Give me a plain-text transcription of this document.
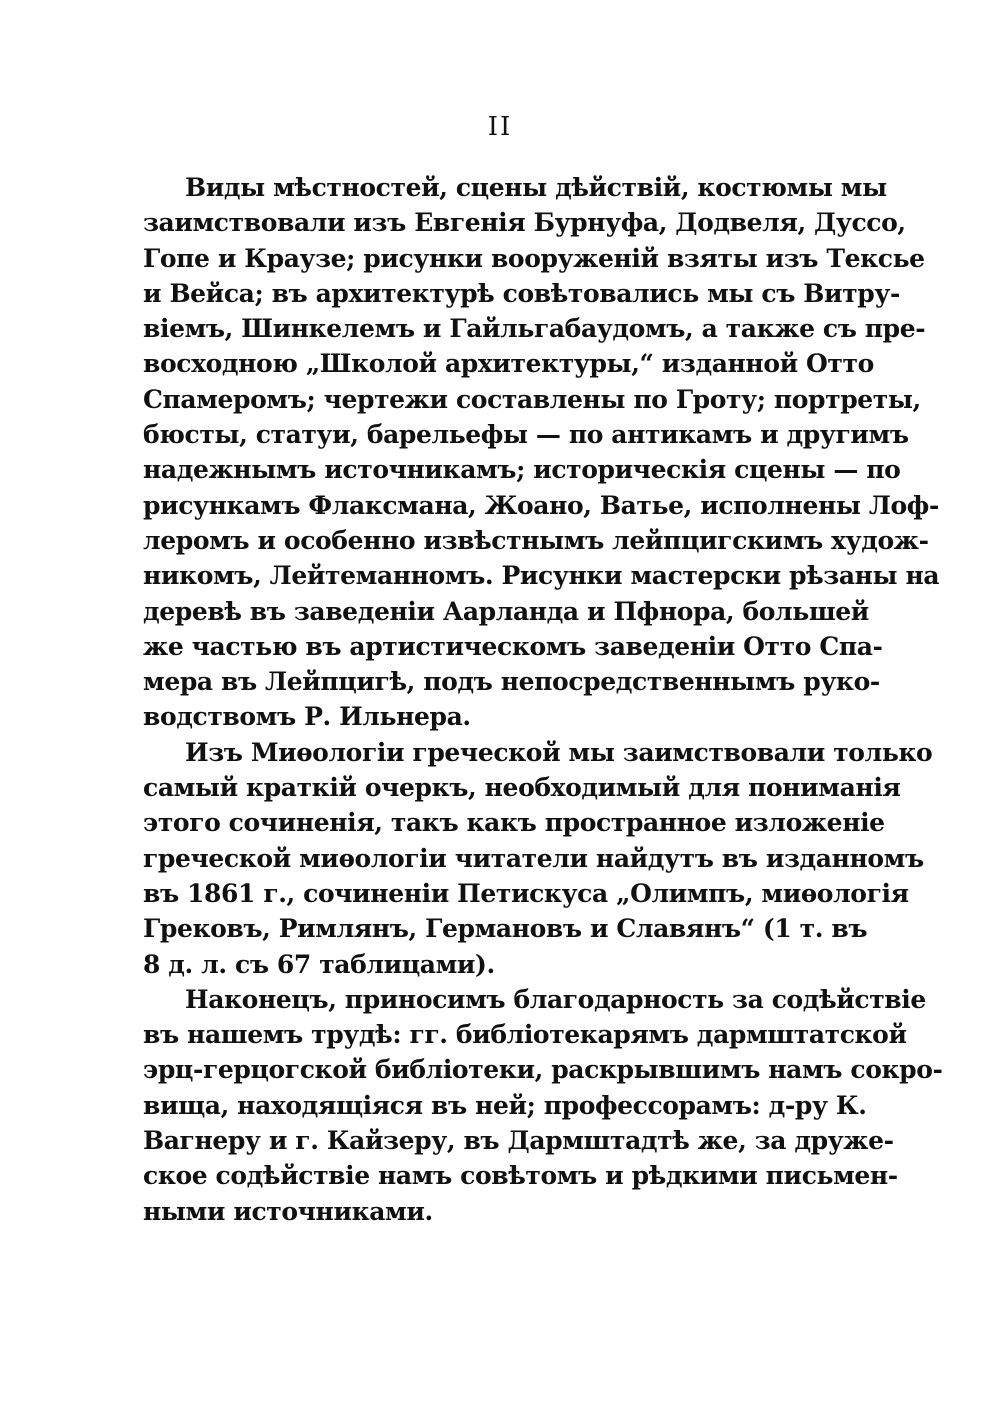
II
Виды мѣстностей, сцены дѣйствій, костюмы мы
заимствовали изъ Евгенія Бурнуфа, Додвеля, Дуссо,
Гопе и Краузе; рисунки вооруженій взяты изъ Тексье
и Вейса; въ архитектурѣ совѣтовались мы съ Витру-
віемъ, Шинкелемъ и Гайльгабаудомъ, а также съ пре-
восходною „Школой архитектуры,“ изданной Отто
Спамеромъ; чертежи составлены по Гроту; портреты,
бюсты, статуи, барельефы — по антикамъ и другимъ
надежнымъ источникамъ; историческія сцены — по
рисункамъ Флаксмана, Жоано, Ватье, исполнены Лоф-
леромъ и особенно извѣстнымъ лейпцигскимъ худож-
никомъ, Лейтеманномъ. Рисунки мастерски рѣзаны на
деревѣ въ заведеніи Аарланда и Пфнора, большей
же частью въ артистическомъ заведеніи Отто Спа-
мера въ Лейпцигѣ, подъ непосредственнымъ руко-
водствомъ Р. Ильнера.
Изъ Миѳологіи греческой мы заимствовали только
самый краткій очеркъ, необходимый для пониманія
этого сочиненія, такъ какъ пространное изложеніе
греческой миѳологіи читатели найдутъ въ изданномъ
въ 1861 г., сочиненіи Петискуса „Олимпъ, миѳологія
Грековъ, Римлянъ, Германовъ и Славянъ“ (1 т. въ
8 д. л. съ 67 таблицами).
Наконецъ, приносимъ благодарность за содѣйствіе
въ нашемъ трудѣ: гг. библіотекарямъ дармштатской
эрц-герцогской библіотеки, раскрывшимъ намъ сокро-
вища, находящіяся въ ней; профессорамъ: д-ру К.
Вагнеру и г. Кайзеру, въ Дармштадтѣ же, за друже-
ское содѣйствіе намъ совѣтомъ и рѣдкими письмен-
ными источниками.
